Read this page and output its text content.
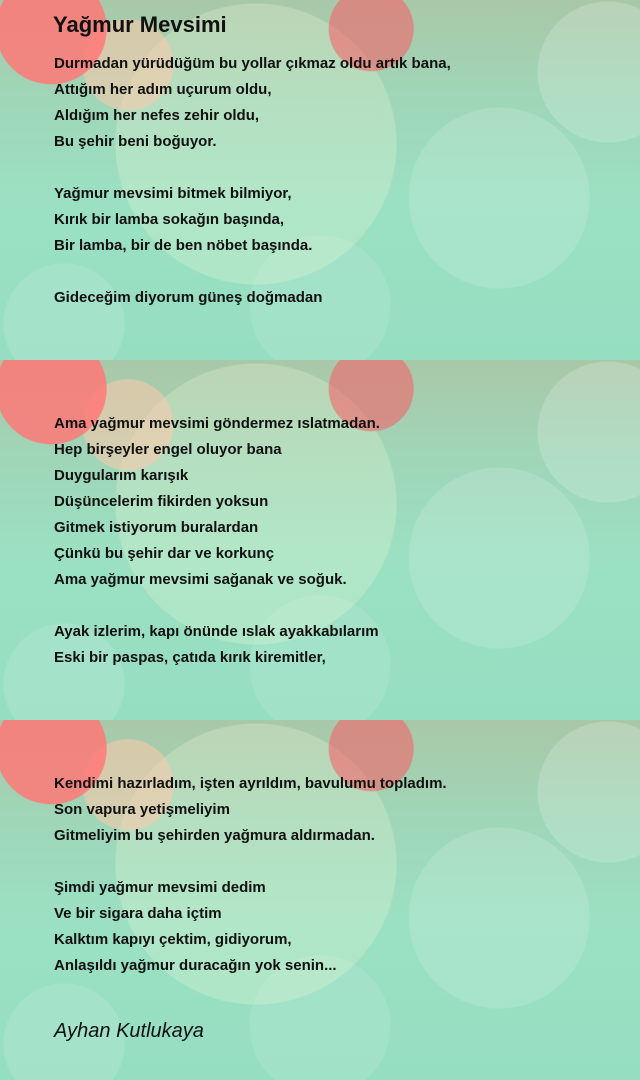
Yağmur Mevsimi
Durmadan yürüdüğüm bu yollar çıkmaz oldu artık bana,
Attığım her adım uçurum oldu,
Aldığım her nefes zehir oldu,
Bu şehir beni boğuyor.
Yağmur mevsimi bitmek bilmiyor,
Kırık bir lamba sokağın başında,
Bir lamba, bir de ben nöbet başında.
Gideceğim diyorum güneş doğmadan
Ama yağmur mevsimi göndermez ıslatmadan.
Hep birşeyler engel oluyor bana
Duygularım karışık
Düşüncelerim fikirden yoksun
Gitmek istiyorum buralardan
Çünkü bu şehir dar ve korkunç
Ama yağmur mevsimi sağanak ve soğuk.
Ayak izlerim, kapı önünde ıslak ayakkabılarım
Eski bir paspas, çatıda kırık kiremitler,
Kendimi hazırladım, işten ayrıldım, bavulumu topladım.
Son vapura yetişmeliyim
Gitmeliyim bu şehirden yağmura aldırmadan.
Şimdi yağmur mevsimi dedim
Ve bir sigara daha içtim
Kalktım kapıyı çektim, gidiyorum,
Anlaşıldı yağmur duracağın yok senin...
Ayhan Kutlukaya
